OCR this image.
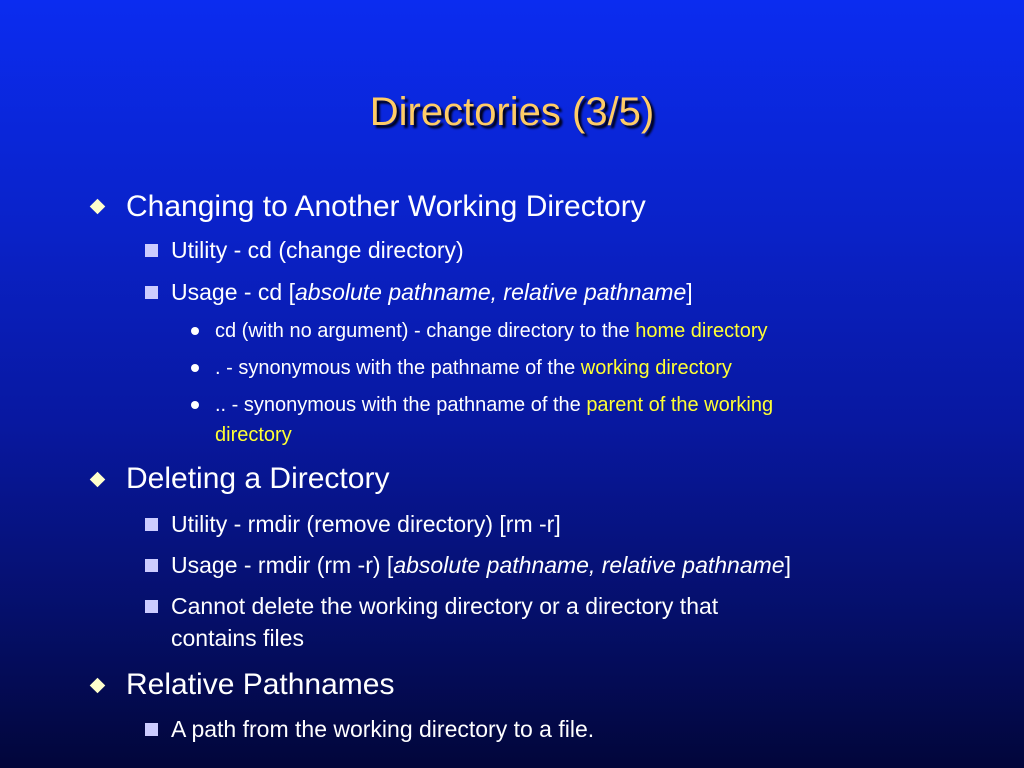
Directories (3/5)
Changing to Another Working Directory
Utility - cd (change directory)
Usage - cd [absolute pathname, relative pathname]
cd (with no argument) - change directory to the home directory
. - synonymous with the pathname of the working directory
.. - synonymous with the pathname of the parent of the working
directory
Deleting a Directory
Utility - rmdir (remove directory) [rm -r]
Usage - rmdir (rm -r) [absolute pathname, relative pathname]
Cannot delete the working directory or a directory that
contains files
Relative Pathnames
A path from the working directory to a file.
